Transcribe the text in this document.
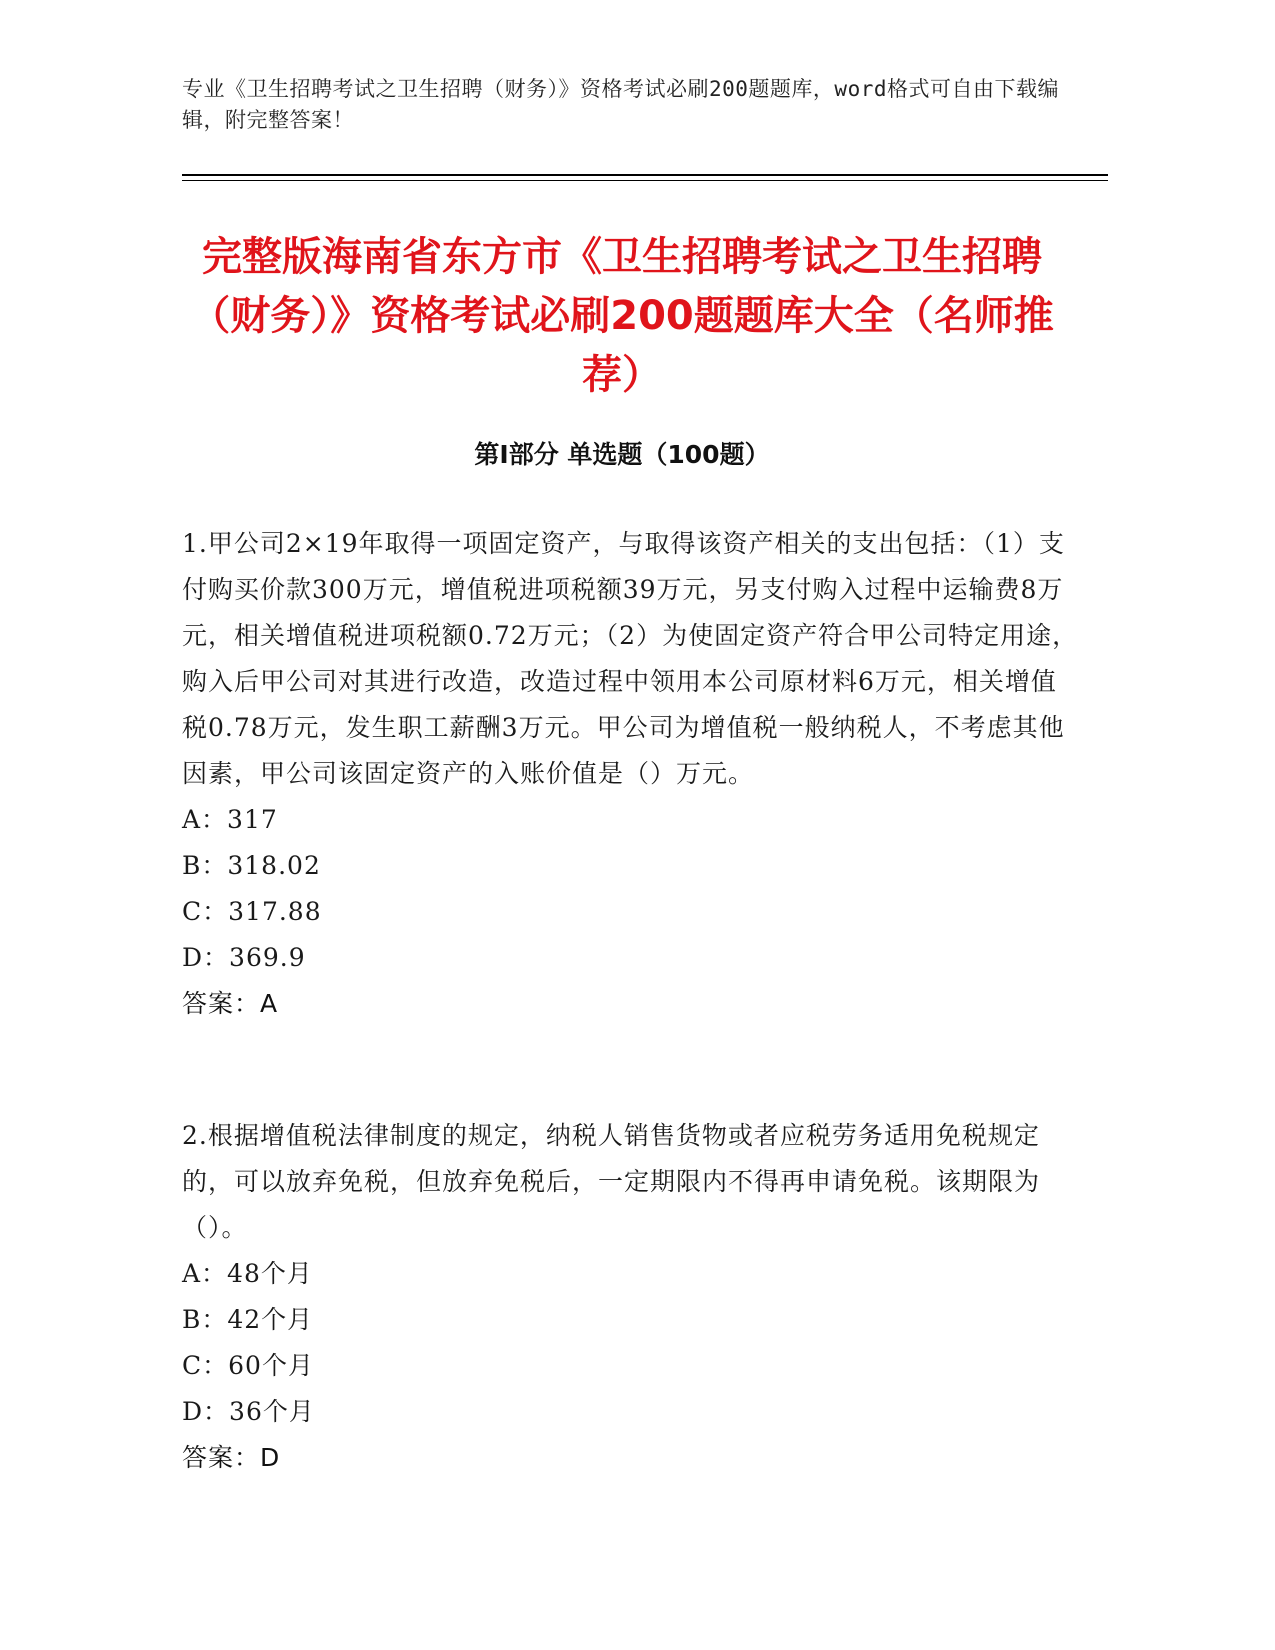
专业《卫生招聘考试之卫生招聘（财务）》资格考试必刷200题题库，word格式可自由下载编辑，附完整答案！
完整版海南省东方市《卫生招聘考试之卫生招聘（财务）》资格考试必刷200题题库大全（名师推荐）
第Ⅰ部分 单选题（100题）
1.甲公司2×19年取得一项固定资产，与取得该资产相关的支出包括：（1）支付购买价款300万元，增值税进项税额39万元，另支付购入过程中运输费8万元，相关增值税进项税额0.72万元；（2）为使固定资产符合甲公司特定用途，购入后甲公司对其进行改造，改造过程中领用本公司原材料6万元，相关增值税0.78万元，发生职工薪酬3万元。甲公司为增值税一般纳税人，不考虑其他因素，甲公司该固定资产的入账价值是（）万元。
A：317
B：318.02
C：317.88
D：369.9
答案：A
2.根据增值税法律制度的规定，纳税人销售货物或者应税劳务适用免税规定的，可以放弃免税，但放弃免税后，一定期限内不得再申请免税。该期限为（）。
A：48个月
B：42个月
C：60个月
D：36个月
答案：D
